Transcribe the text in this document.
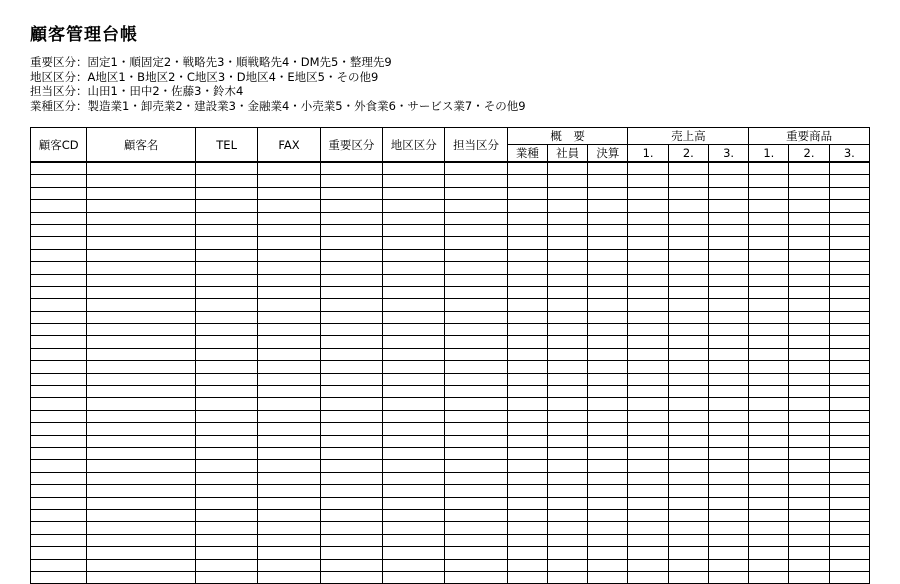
顧客管理台帳
重要区分：固定1・順固定2・戦略先3・順戦略先4・DM先5・整理先9
地区区分：A地区1・B地区2・C地区3・D地区4・E地区5・その他9
担当区分：山田1・田中2・佐藤3・鈴木4
業種区分：製造業1・卸売業2・建設業3・金融業4・小売業5・外食業6・サービス業7・その他9
顧客CD	顧客名	TEL	FAX	重要区分	地区区分	担当区分	概　要			売上高			重要商品		
							業種	社員	決算	1.	2.	3.	1.	2.	3.
